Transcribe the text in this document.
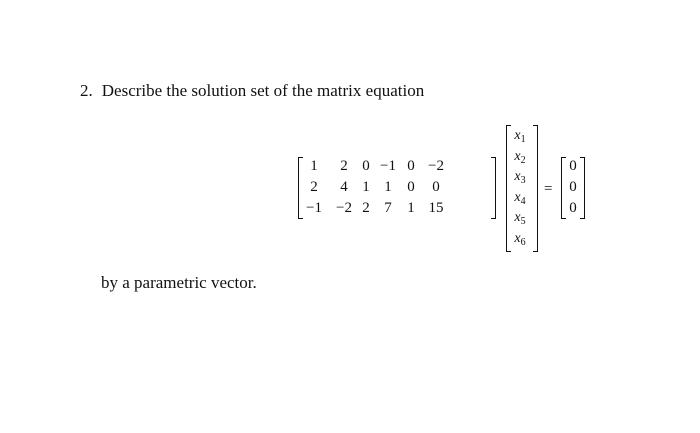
2. Describe the solution set of the matrix equation
1	2 0 −1 0 −2
2	4 1 1	0	0
−1 −2 2 7	1 15
$x_1$
$x_2$
$x_3$
$x_4$
$x_5$
$x_6$
=
0
0
0
by a parametric vector.
